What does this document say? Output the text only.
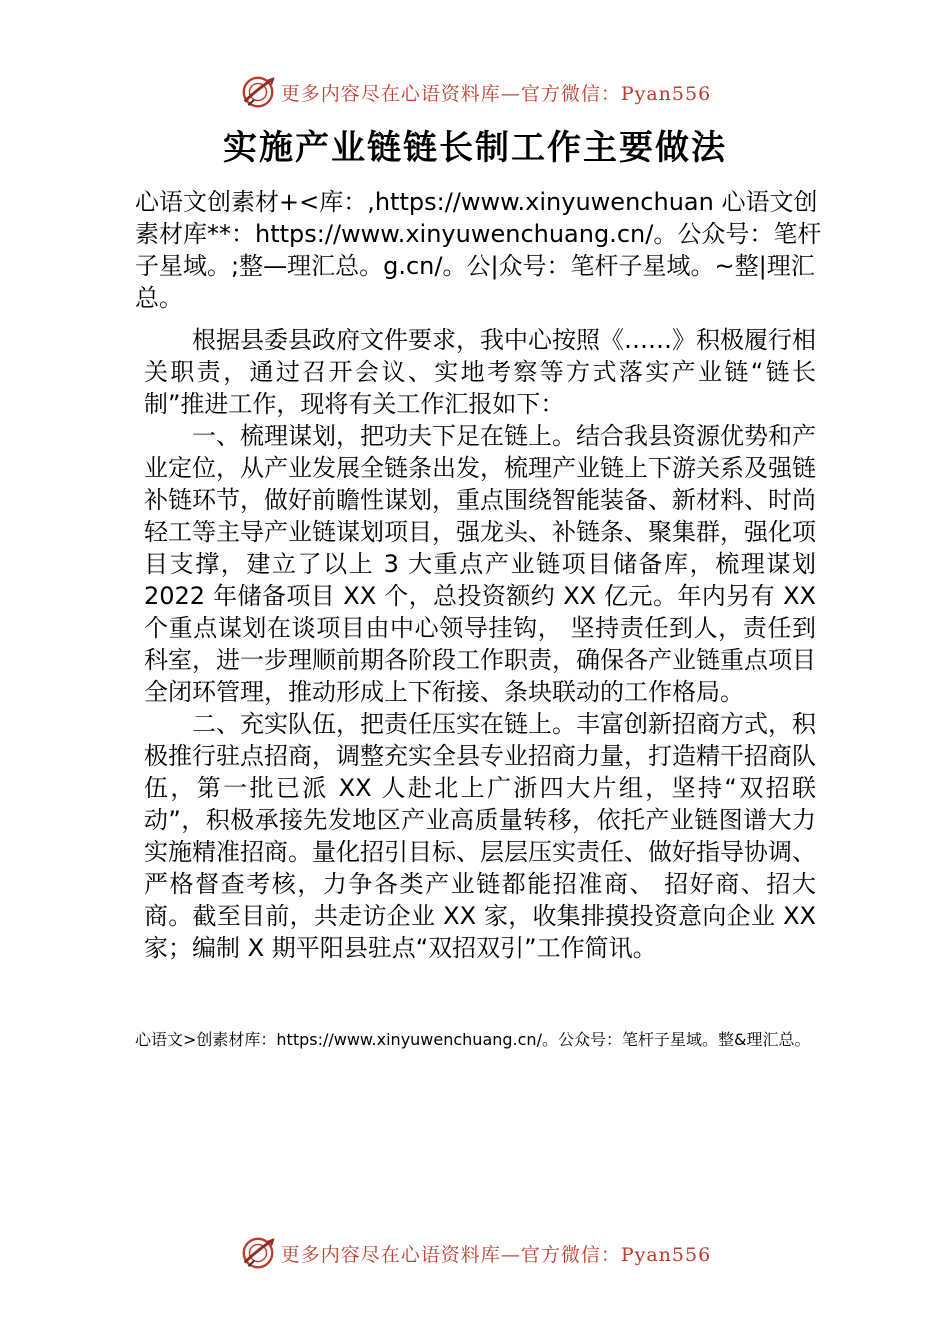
更多内容尽在心语资料库—官方微信：Pyan556
实施产业链链长制工作主要做法

心语文创素材+<库：,https://www.xinyuwenchuan 心语文创素材库**：https://www.xinyuwenchuang.cn/。公众号：笔杆子星域。;整—理汇总。g.cn/。公|众号：笔杆子星域。~整|理汇总。

根据县委县政府文件要求，我中心按照《……》积极履行相关职责，通过召开会议、实地考察等方式落实产业链“链长制”推进工作，现将有关工作汇报如下：

一、梳理谋划，把功夫下足在链上。结合我县资源优势和产业定位，从产业发展全链条出发，梳理产业链上下游关系及强链补链环节，做好前瞻性谋划，重点围绕智能装备、新材料、时尚轻工等主导产业链谋划项目，强龙头、补链条、聚集群，强化项目支撑，建立了以上 3 大重点产业链项目储备库，梳理谋划 2022 年储备项目 XX 个，总投资额约 XX 亿元。年内另有 XX 个重点谋划在谈项目由中心领导挂钩， 坚持责任到人，责任到科室，进一步理顺前期各阶段工作职责，确保各产业链重点项目全闭环管理，推动形成上下衔接、条块联动的工作格局。

二、充实队伍，把责任压实在链上。丰富创新招商方式，积极推行驻点招商，调整充实全县专业招商力量，打造精干招商队伍，第一批已派 XX 人赴北上广浙四大片组，坚持“双招联动”，积极承接先发地区产业高质量转移，依托产业链图谱大力实施精准招商。量化招引目标、层层压实责任、做好指导协调、严格督查考核，力争各类产业链都能招准商、 招好商、招大商。截至目前，共走访企业 XX 家，收集排摸投资意向企业 XX 家；编制 X 期平阳县驻点“双招双引”工作简讯。

心语文>创素材库：https://www.xinyuwenchuang.cn/。公众号：笔杆子星域。整&理汇总。

更多内容尽在心语资料库—官方微信：Pyan556
